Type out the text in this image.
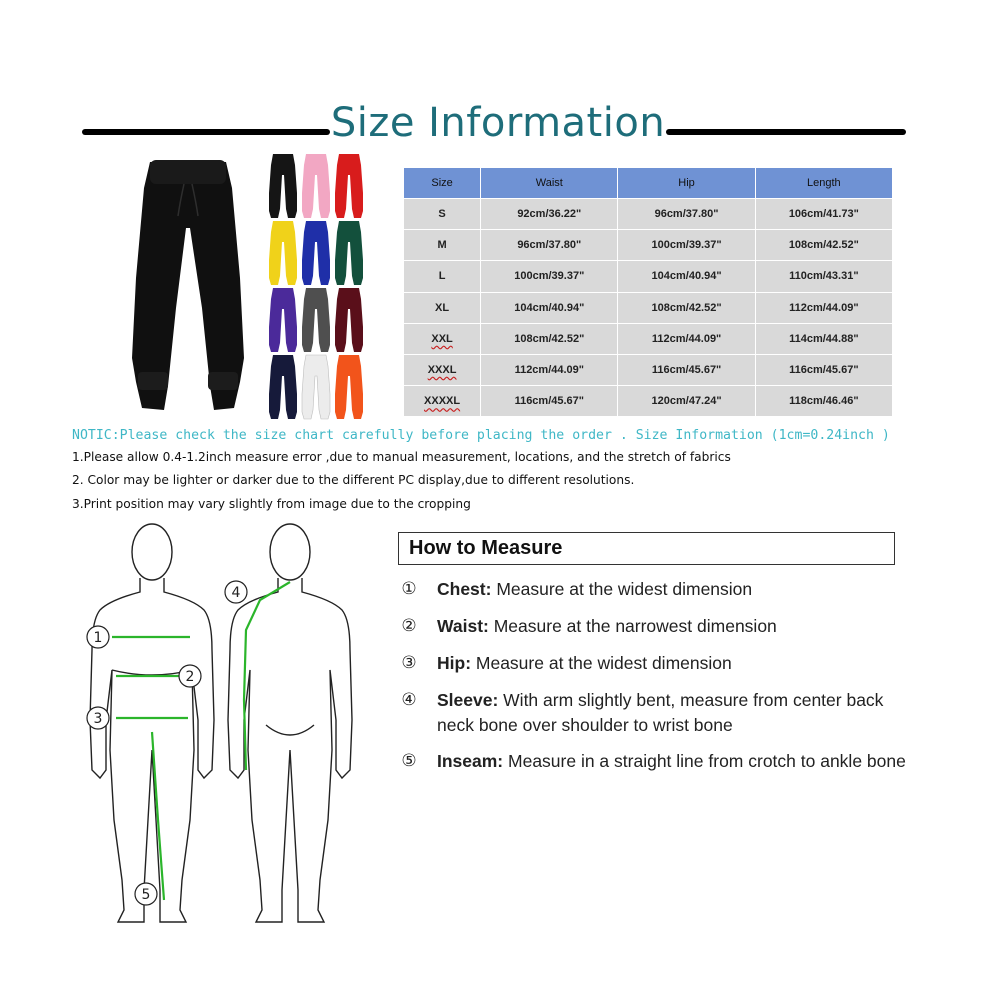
Size Information
Size	Waist	Hip	Length
S	92cm/36.22"	96cm/37.80"	106cm/41.73"
M	96cm/37.80"	100cm/39.37"	108cm/42.52"
L	100cm/39.37"	104cm/40.94"	110cm/43.31"
XL	104cm/40.94"	108cm/42.52"	112cm/44.09"
XXL	108cm/42.52"	112cm/44.09"	114cm/44.88"
XXXL	112cm/44.09"	116cm/45.67"	116cm/45.67"
XXXXL	116cm/45.67"	120cm/47.24"	118cm/46.46"
NOTIC:Please check the size chart carefully before placing the order . Size Information (1cm=0.24inch )
1.Please allow 0.4-1.2inch measure error ,due to manual measurement, locations, and the stretch of fabrics
2. Color may be lighter or darker due to the different PC display,due to different resolutions.
3.Print position may vary slightly from image due to the cropping
1
2
3
4
5
How to Measure
① Chest: Measure at the widest dimension
② Waist: Measure at the narrowest dimension
③ Hip: Measure at the widest dimension
④ Sleeve: With arm slightly bent, measure from center back neck bone over shoulder to wrist bone
⑤ Inseam: Measure in a straight line from crotch to ankle bone
